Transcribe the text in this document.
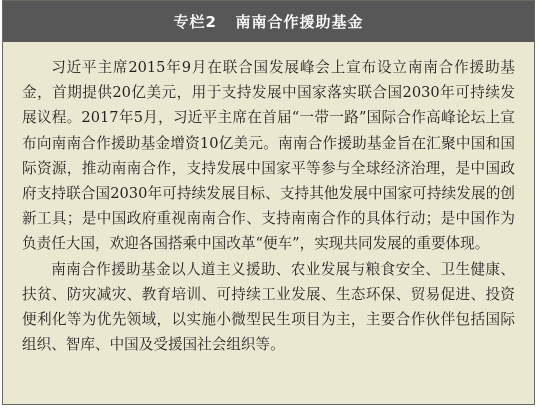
专栏2 南南合作援助基金

习近平主席2015年9月在联合国发展峰会上宣布设立南南合作援助基金，首期提供20亿美元，用于支持发展中国家落实联合国2030年可持续发展议程。2017年5月，习近平主席在首届“一带一路”国际合作高峰论坛上宣布向南南合作援助基金增资10亿美元。南南合作援助基金旨在汇聚中国和国际资源，推动南南合作，支持发展中国家平等参与全球经济治理，是中国政府支持联合国2030年可持续发展目标、支持其他发展中国家可持续发展的创新工具；是中国政府重视南南合作、支持南南合作的具体行动；是中国作为负责任大国，欢迎各国搭乘中国改革“便车”，实现共同发展的重要体现。

南南合作援助基金以人道主义援助、农业发展与粮食安全、卫生健康、扶贫、防灾减灾、教育培训、可持续工业发展、生态环保、贸易促进、投资便利化等为优先领域，以实施小微型民生项目为主，主要合作伙伴包括国际组织、智库、中国及受援国社会组织等。
